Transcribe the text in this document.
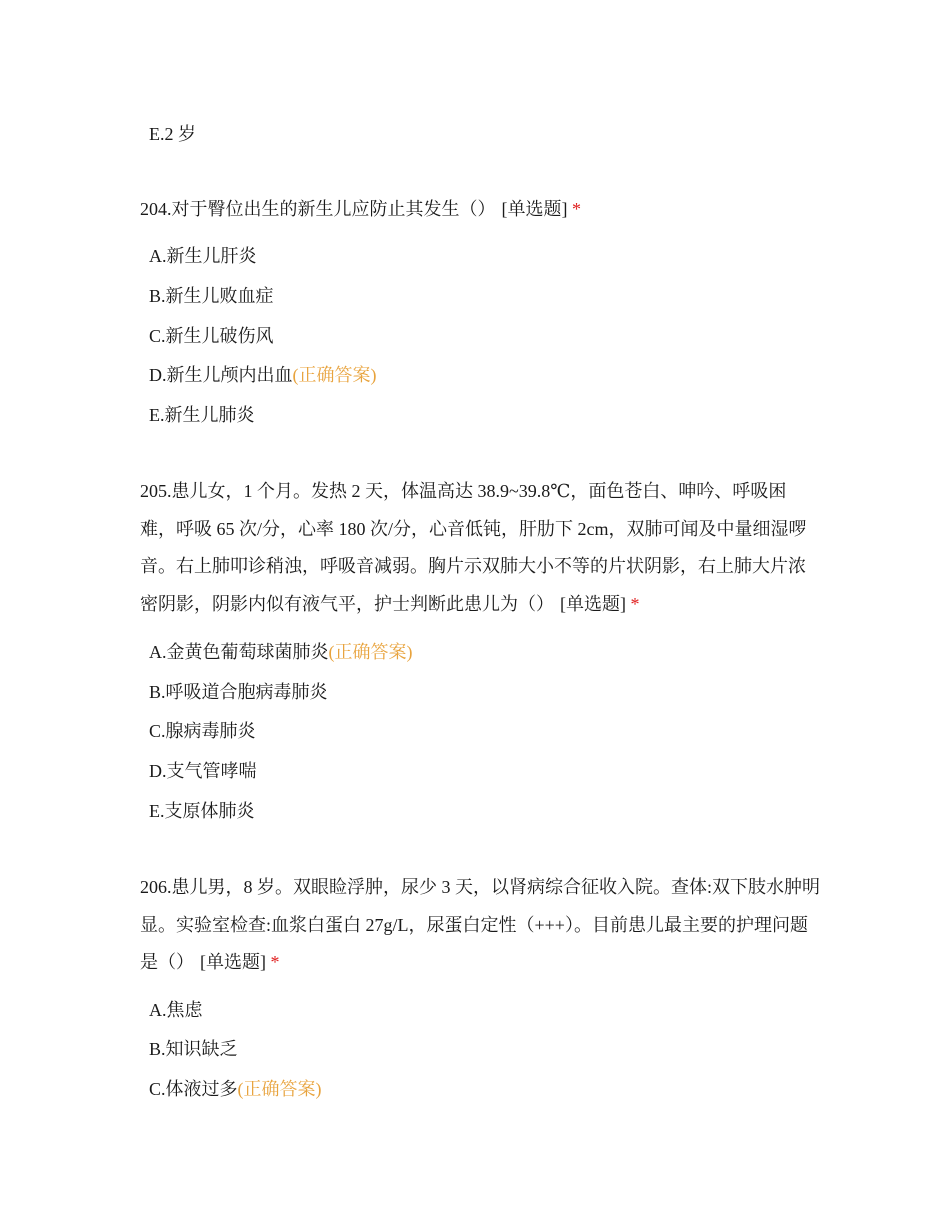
E.2 岁
204.对于臀位出生的新生儿应防止其发生（） [单选题] *
A.新生儿肝炎
B.新生儿败血症
C.新生儿破伤风
D.新生儿颅内出血(正确答案)
E.新生儿肺炎
205.患儿女，1 个月。发热 2 天，体温高达 38.9~39.8℃，面色苍白、呻吟、呼吸困难，呼吸 65 次/分，心率 180 次/分，心音低钝，肝肋下 2cm，双肺可闻及中量细湿啰音。右上肺叩诊稍浊，呼吸音减弱。胸片示双肺大小不等的片状阴影，右上肺大片浓密阴影，阴影内似有液气平，护士判断此患儿为（） [单选题] *
A.金黄色葡萄球菌肺炎(正确答案)
B.呼吸道合胞病毒肺炎
C.腺病毒肺炎
D.支气管哮喘
E.支原体肺炎
206.患儿男，8 岁。双眼睑浮肿，尿少 3 天，以肾病综合征收入院。查体:双下肢水肿明显。实验室检查:血浆白蛋白 27g/L，尿蛋白定性（+++）。目前患儿最主要的护理问题是（） [单选题] *
A.焦虑
B.知识缺乏
C.体液过多(正确答案)
